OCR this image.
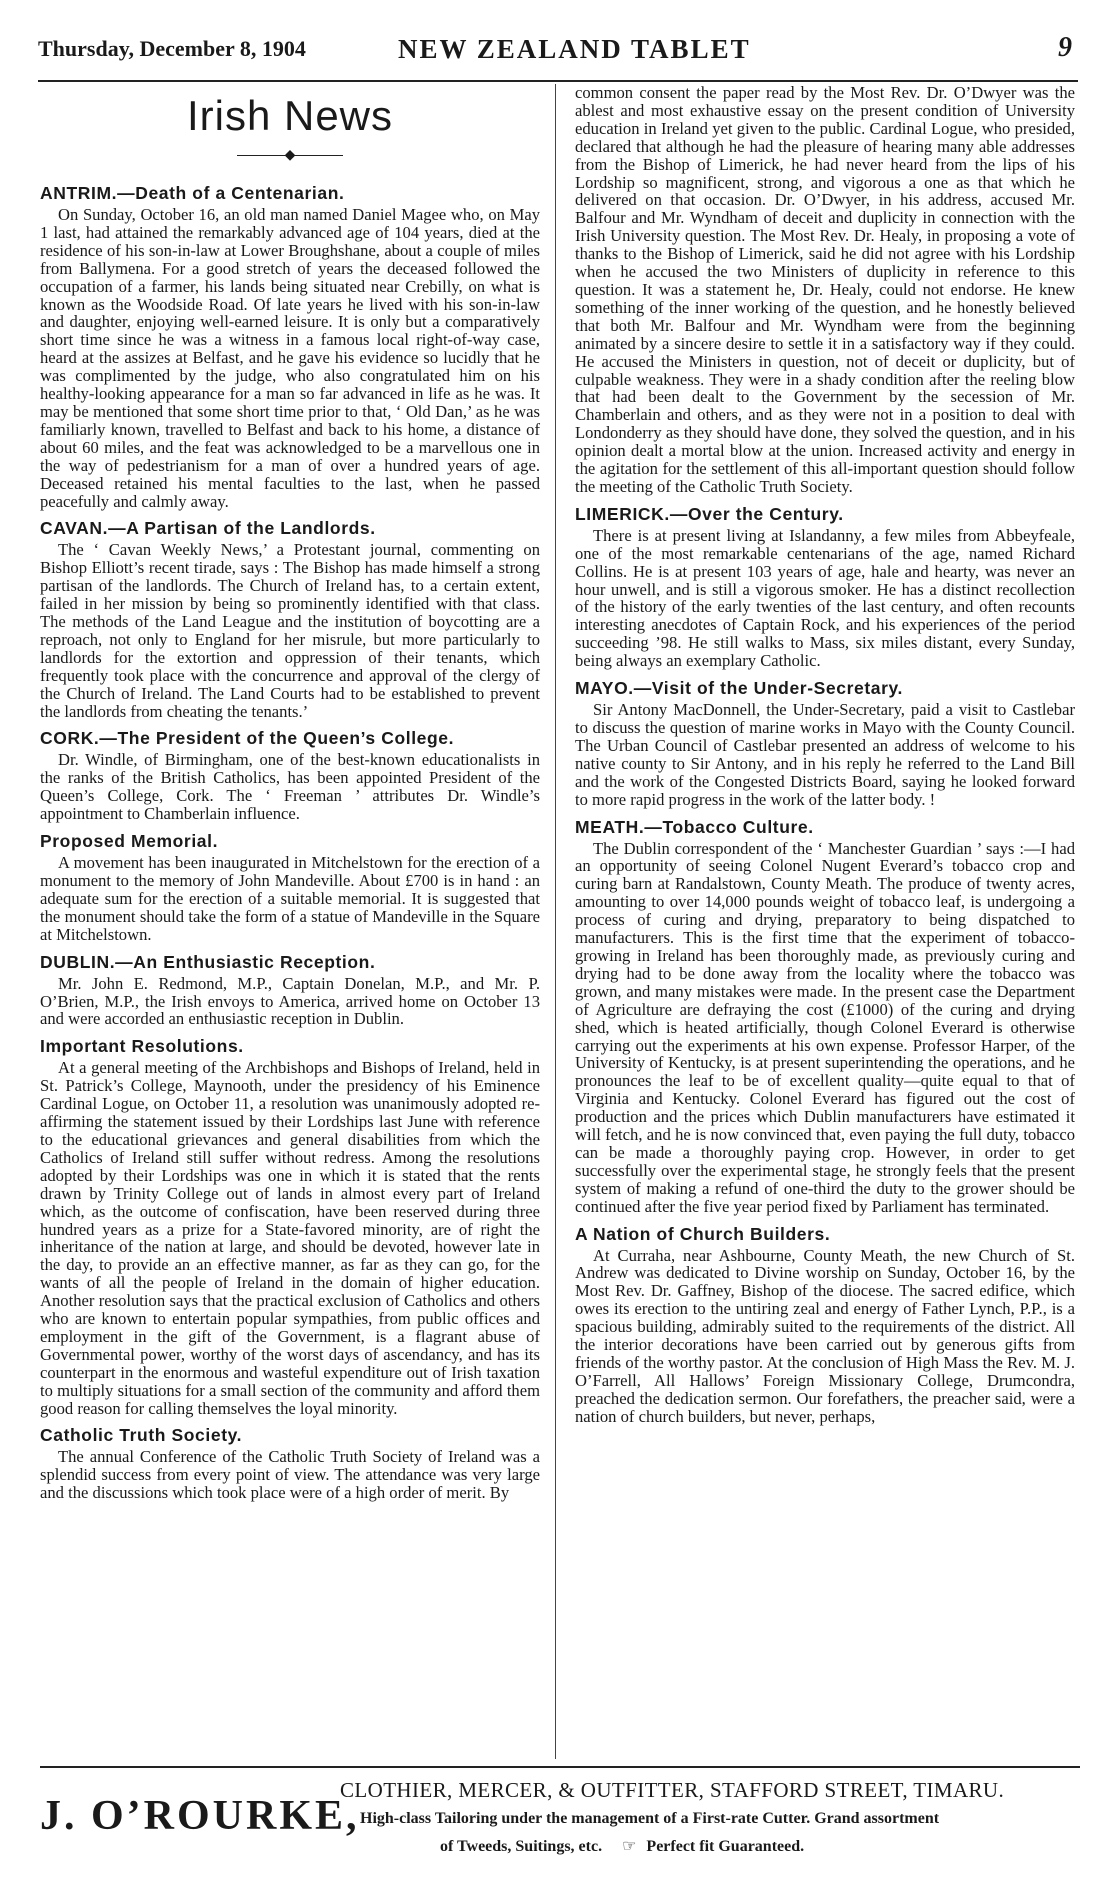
Thursday, December 8, 1904	NEW ZEALAND TABLET	9
Irish News
◆
ANTRIM.—Death of a Centenarian.

On Sunday, October 16, an old man named Daniel Magee who, on May 1 last, had attained the remarkably advanced age of 104 years, died at the residence of his son-in-law at Lower Broughshane, about a couple of miles from Ballymena. For a good stretch of years the deceased followed the occupation of a farmer, his lands being situated near Crebilly, on what is known as the Woodside Road. Of late years he lived with his son-in-law and daughter, enjoying well-earned leisure. It is only but a comparatively short time since he was a witness in a famous local right-of-way case, heard at the assizes at Belfast, and he gave his evidence so lucidly that he was complimented by the judge, who also congratulated him on his healthy-looking appearance for a man so far advanced in life as he was. It may be mentioned that some short time prior to that, ‘ Old Dan,’ as he was familiarly known, travelled to Belfast and back to his home, a distance of about 60 miles, and the feat was acknowledged to be a marvellous one in the way of pedestrianism for a man of over a hundred years of age. Deceased retained his mental faculties to the last, when he passed peacefully and calmly away.

CAVAN.—A Partisan of the Landlords.

The ‘ Cavan Weekly News,’ a Protestant journal, commenting on Bishop Elliott’s recent tirade, says : The Bishop has made himself a strong partisan of the landlords. The Church of Ireland has, to a certain extent, failed in her mission by being so prominently identified with that class. The methods of the Land League and the institution of boycotting are a reproach, not only to England for her misrule, but more particularly to landlords for the extortion and oppression of their tenants, which frequently took place with the concurrence and approval of the clergy of the Church of Ireland. The Land Courts had to be established to prevent the landlords from cheating the tenants.’

CORK.—The President of the Queen’s College.

Dr. Windle, of Birmingham, one of the best-known educationalists in the ranks of the British Catholics, has been appointed President of the Queen’s College, Cork. The ‘ Freeman ’ attributes Dr. Windle’s appointment to Chamberlain influence.

Proposed Memorial.

A movement has been inaugurated in Mitchelstown for the erection of a monument to the memory of John Mandeville. About £700 is in hand : an adequate sum for the erection of a suitable memorial. It is suggested that the monument should take the form of a statue of Mandeville in the Square at Mitchelstown.

DUBLIN.—An Enthusiastic Reception.

Mr. John E. Redmond, M.P., Captain Donelan, M.P., and Mr. P. O’Brien, M.P., the Irish envoys to America, arrived home on October 13 and were accorded an enthusiastic reception in Dublin.

Important Resolutions.

At a general meeting of the Archbishops and Bishops of Ireland, held in St. Patrick’s College, Maynooth, under the presidency of his Eminence Cardinal Logue, on October 11, a resolution was unanimously adopted re-affirming the statement issued by their Lordships last June with reference to the educational grievances and general disabilities from which the Catholics of Ireland still suffer without redress. Among the resolutions adopted by their Lordships was one in which it is stated that the rents drawn by Trinity College out of lands in almost every part of Ireland which, as the outcome of confiscation, have been reserved during three hundred years as a prize for a State-favored minority, are of right the inheritance of the nation at large, and should be devoted, however late in the day, to provide an an effective manner, as far as they can go, for the wants of all the people of Ireland in the domain of higher education. Another resolution says that the practical exclusion of Catholics and others who are known to entertain popular sympathies, from public offices and employment in the gift of the Government, is a flagrant abuse of Governmental power, worthy of the worst days of ascendancy, and has its counterpart in the enormous and wasteful expenditure out of Irish taxation to multiply situations for a small section of the community and afford them good reason for calling themselves the loyal minority.

Catholic Truth Society.

The annual Conference of the Catholic Truth Society of Ireland was a splendid success from every point of view. The attendance was very large and the discussions which took place were of a high order of merit. By

common consent the paper read by the Most Rev. Dr. O’Dwyer was the ablest and most exhaustive essay on the present condition of University education in Ireland yet given to the public. Cardinal Logue, who presided, declared that although he had the pleasure of hearing many able addresses from the Bishop of Limerick, he had never heard from the lips of his Lordship so magnificent, strong, and vigorous a one as that which he delivered on that occasion. Dr. O’Dwyer, in his address, accused Mr. Balfour and Mr. Wyndham of deceit and duplicity in connection with the Irish University question. The Most Rev. Dr. Healy, in proposing a vote of thanks to the Bishop of Limerick, said he did not agree with his Lordship when he accused the two Ministers of duplicity in reference to this question. It was a statement he, Dr. Healy, could not endorse. He knew something of the inner working of the question, and he honestly believed that both Mr. Balfour and Mr. Wyndham were from the beginning animated by a sincere desire to settle it in a satisfactory way if they could. He accused the Ministers in question, not of deceit or duplicity, but of culpable weakness. They were in a shady condition after the reeling blow that had been dealt to the Government by the secession of Mr. Chamberlain and others, and as they were not in a position to deal with Londonderry as they should have done, they solved the question, and in his opinion dealt a mortal blow at the union. Increased activity and energy in the agitation for the settlement of this all-important question should follow the meeting of the Catholic Truth Society.

LIMERICK.—Over the Century.

There is at present living at Islandanny, a few miles from Abbeyfeale, one of the most remarkable centenarians of the age, named Richard Collins. He is at present 103 years of age, hale and hearty, was never an hour unwell, and is still a vigorous smoker. He has a distinct recollection of the history of the early twenties of the last century, and often recounts interesting anecdotes of Captain Rock, and his experiences of the period succeeding ’98. He still walks to Mass, six miles distant, every Sunday, being always an exemplary Catholic.

MAYO.—Visit of the Under-Secretary.

Sir Antony MacDonnell, the Under-Secretary, paid a visit to Castlebar to discuss the question of marine works in Mayo with the County Council. The Urban Council of Castlebar presented an address of welcome to his native county to Sir Antony, and in his reply he referred to the Land Bill and the work of the Congested Districts Board, saying he looked forward to more rapid progress in the work of the latter body. !

MEATH.—Tobacco Culture.

The Dublin correspondent of the ‘ Manchester Guardian ’ says :—I had an opportunity of seeing Colonel Nugent Everard’s tobacco crop and curing barn at Randalstown, County Meath. The produce of twenty acres, amounting to over 14,000 pounds weight of tobacco leaf, is undergoing a process of curing and drying, preparatory to being dispatched to manufacturers. This is the first time that the experiment of tobacco-growing in Ireland has been thoroughly made, as previously curing and drying had to be done away from the locality where the tobacco was grown, and many mistakes were made. In the present case the Department of Agriculture are defraying the cost (£1000) of the curing and drying shed, which is heated artificially, though Colonel Everard is otherwise carrying out the experiments at his own expense. Professor Harper, of the University of Kentucky, is at present superintending the operations, and he pronounces the leaf to be of excellent quality—quite equal to that of Virginia and Kentucky. Colonel Everard has figured out the cost of production and the prices which Dublin manufacturers have estimated it will fetch, and he is now convinced that, even paying the full duty, tobacco can be made a thoroughly paying crop. However, in order to get successfully over the experimental stage, he strongly feels that the present system of making a refund of one-third the duty to the grower should be continued after the five year period fixed by Parliament has terminated.

A Nation of Church Builders.

At Curraha, near Ashbourne, County Meath, the new Church of St. Andrew was dedicated to Divine worship on Sunday, October 16, by the Most Rev. Dr. Gaffney, Bishop of the diocese. The sacred edifice, which owes its erection to the untiring zeal and energy of Father Lynch, P.P., is a spacious building, admirably suited to the requirements of the district. All the interior decorations have been carried out by generous gifts from friends of the worthy pastor. At the conclusion of High Mass the Rev. M. J. O’Farrell, All Hallows’ Foreign Missionary College, Drumcondra, preached the dedication sermon. Our forefathers, the preacher said, were a nation of church builders, but never, perhaps,

J. O’ROURKE,
CLOTHIER, MERCER, & OUTFITTER, STAFFORD STREET, TIMARU.
High-class Tailoring under the management of a First-rate Cutter. Grand assortment
of Tweeds, Suitings, etc. ☞ Perfect fit Guaranteed.
